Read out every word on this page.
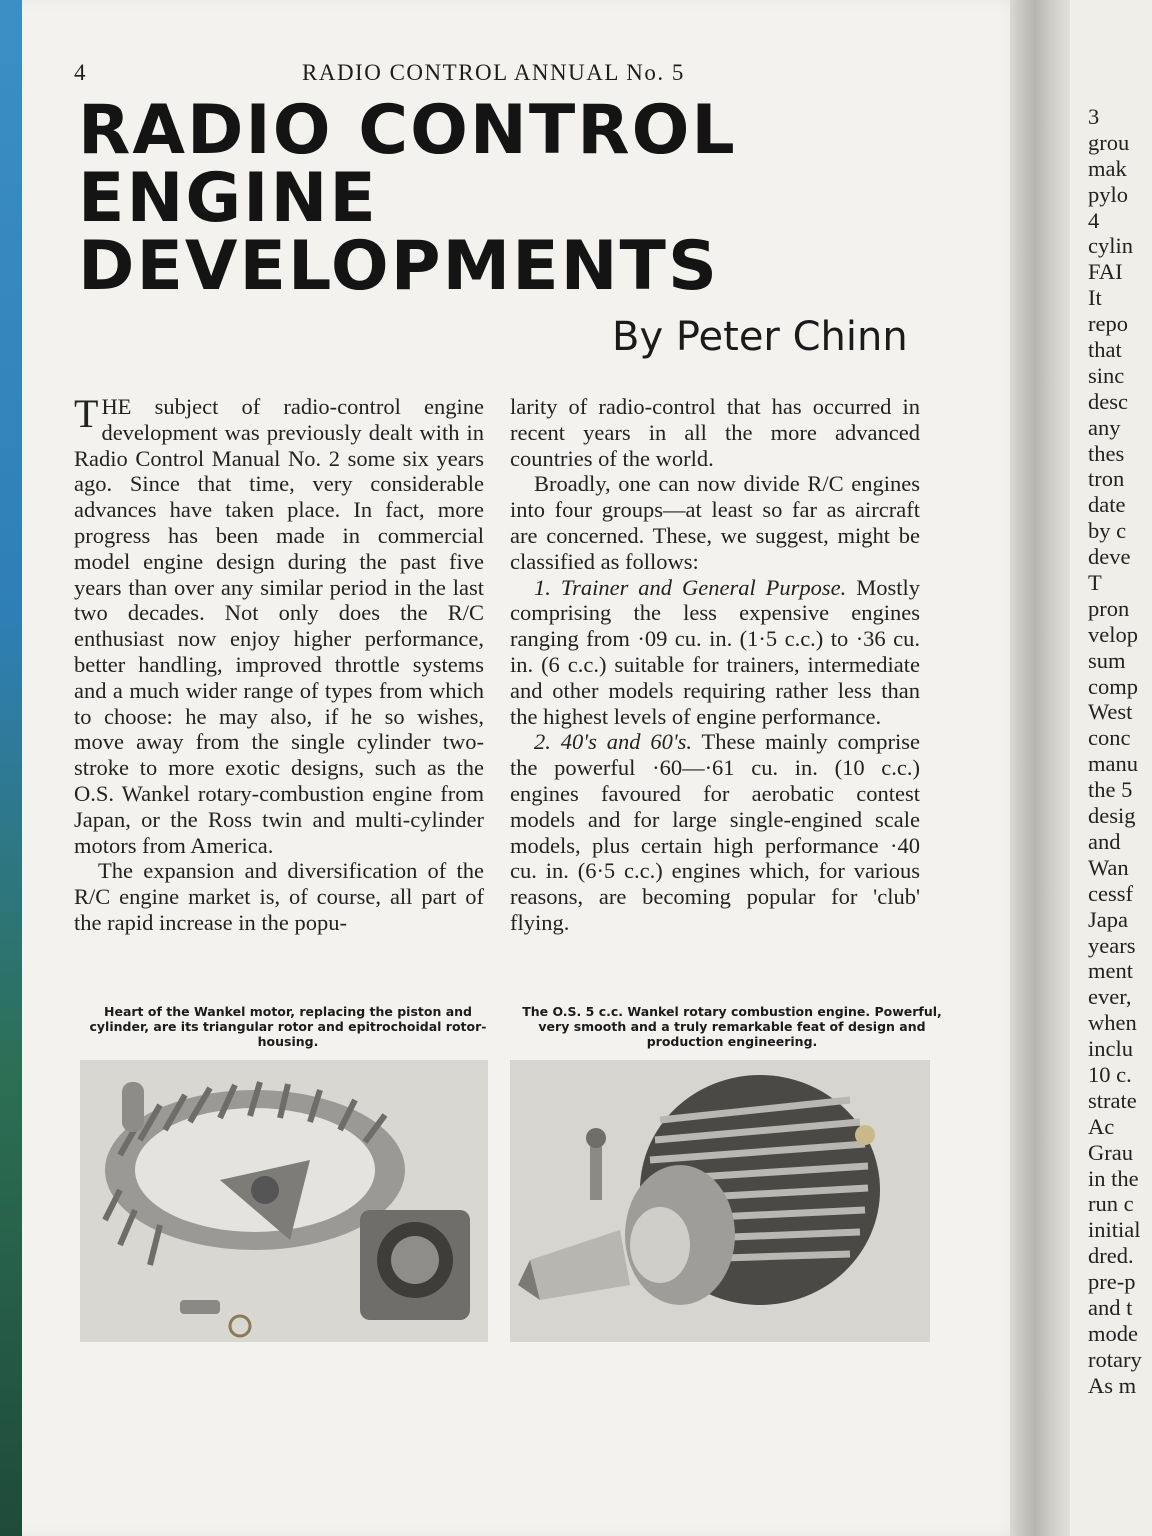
4	RADIO CONTROL ANNUAL No. 5
RADIO CONTROL
ENGINE
DEVELOPMENTS
By Peter Chinn

THE subject of radio-control engine development was previously dealt with in Radio Control Manual No. 2 some six years ago. Since that time, very considerable advances have taken place. In fact, more progress has been made in commercial model engine design during the past five years than over any similar period in the last two decades. Not only does the R/C enthusiast now enjoy higher performance, better handling, improved throttle systems and a much wider range of types from which to choose: he may also, if he so wishes, move away from the single cylinder two-stroke to more exotic designs, such as the O.S. Wankel rotary-combustion engine from Japan, or the Ross twin and multi-cylinder motors from America.

The expansion and diversification of the R/C engine market is, of course, all part of the rapid increase in the popu-

larity of radio-control that has occurred in recent years in all the more advanced countries of the world.

Broadly, one can now divide R/C engines into four groups—at least so far as aircraft are concerned. These, we suggest, might be classified as follows:

1. Trainer and General Purpose. Mostly comprising the less expensive engines ranging from ·09 cu. in. (1·5 c.c.) to ·36 cu. in. (6 c.c.) suitable for trainers, intermediate and other models requiring rather less than the highest levels of engine performance.

2. 40's and 60's. These mainly comprise the powerful ·60—·61 cu. in. (10 c.c.) engines favoured for aerobatic contest models and for large single-engined scale models, plus certain high performance ·40 cu. in. (6·5 c.c.) engines which, for various reasons, are becoming popular for 'club' flying.

Heart of the Wankel motor, replacing the piston and cylinder, are its triangular rotor and epitrochoidal rotor-housing.
The O.S. 5 c.c. Wankel rotary combustion engine. Powerful, very smooth and a truly remarkable feat of design and production engineering.
3
grou
mak
pylo
4
cylin
FAI
It
repo
that
sinc
desc
any
thes
tron
date
by c
deve
T
pron
velop
sum
comp
West
conc
manu
the 5
desig
and
Wan
cessf
Japa
years
ment
ever,
when
inclu
10 c.
strate
Ac
Grau
in the
run c
initial
dred.
pre-p
and t
mode
rotary
As m
